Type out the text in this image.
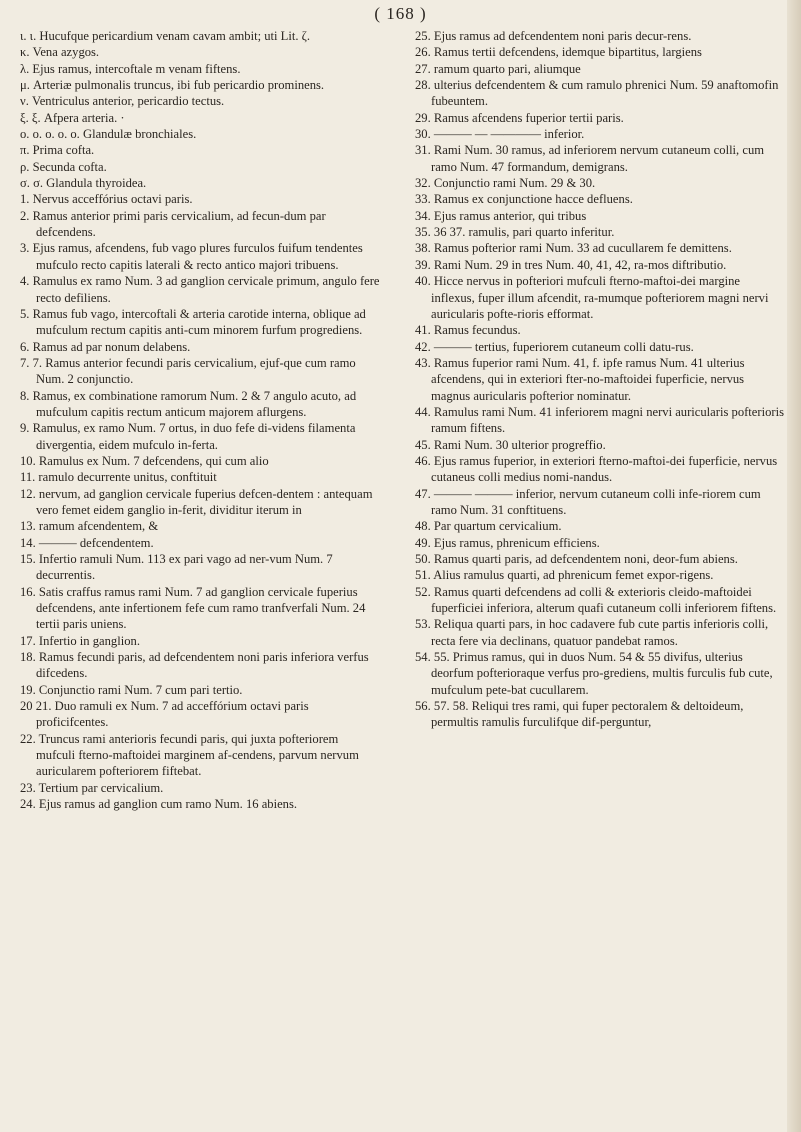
( 168 )

ι. ι. Hucufque pericardium venam cavam ambit; uti Lit. ζ.

κ. Vena azygos.

λ. Ejus ramus, intercoftale m venam fiftens.

μ. Arteriæ pulmonalis truncus, ibi fub pericardio prominens.

ν. Ventriculus anterior, pericardio tectus.

ξ. ξ. Afpera arteria. ·

ο. ο. ο. ο. ο. Glandulæ bronchiales.

π. Prima cofta.

ρ. Secunda cofta.

σ. σ. Glandula thyroidea.

1. Nervus acceffórius octavi paris.

2. Ramus anterior primi paris cervicalium, ad fecun-dum par defcendens.

3. Ejus ramus, afcendens, fub vago plures furculos fuifum tendentes mufculo recto capitis laterali & recto antico majori tribuens.

4. Ramulus ex ramo Num. 3 ad ganglion cervicale primum, angulo fere recto defiliens.

5. Ramus fub vago, intercoftali & arteria carotide interna, oblique ad mufculum rectum capitis anti-cum minorem furfum progrediens.

6. Ramus ad par nonum delabens.

7. 7. Ramus anterior fecundi paris cervicalium, ejuf-que cum ramo Num. 2 conjunctio.

8. Ramus, ex combinatione ramorum Num. 2 & 7 angulo acuto, ad mufculum capitis rectum anticum majorem aflurgens.

9. Ramulus, ex ramo Num. 7 ortus, in duo fefe di-videns filamenta divergentia, eidem mufculo in-ferta.

10. Ramulus ex Num. 7 defcendens, qui cum alio

11. ramulo decurrente unitus, conftituit

12. nervum, ad ganglion cervicale fuperius defcen-dentem : antequam vero femet eidem ganglio in-ferit, dividitur iterum in

13. ramum afcendentem, &

14. ——— defcendentem.

15. Infertio ramuli Num. 113 ex pari vago ad ner-vum Num. 7 decurrentis.

16. Satis craffus ramus rami Num. 7 ad ganglion cervicale fuperius defcendens, ante infertionem fefe cum ramo tranfverfali Num. 24 tertii paris uniens.

17. Infertio in ganglion.

18. Ramus fecundi paris, ad defcendentem noni paris inferiora verfus difcedens.

19. Conjunctio rami Num. 7 cum pari tertio.

20 21. Duo ramuli ex Num. 7 ad acceffórium octavi paris proficifcentes.

22. Truncus rami anterioris fecundi paris, qui juxta pofteriorem mufculi fterno-maftoidei marginem af-cendens, parvum nervum auricularem pofteriorem fiftebat.

23. Tertium par cervicalium.

24. Ejus ramus ad ganglion cum ramo Num. 16 abiens.

25. Ejus ramus ad defcendentem noni paris decur-rens.

26. Ramus tertii defcendens, idemque bipartitus, largiens

27. ramum quarto pari, aliumque

28. ulterius defcendentem & cum ramulo phrenici Num. 59 anaftomofin fubeuntem.

29. Ramus afcendens fuperior tertii paris.

30. ——— — ———— inferior.

31. Rami Num. 30 ramus, ad inferiorem nervum cutaneum colli, cum ramo Num. 47 formandum, demigrans.

32. Conjunctio rami Num. 29 & 30.

33. Ramus ex conjunctione hacce defluens.

34. Ejus ramus anterior, qui tribus

35. 36 37. ramulis, pari quarto inferitur.

38. Ramus pofterior rami Num. 33 ad cucullarem fe demittens.

39. Rami Num. 29 in tres Num. 40, 41, 42, ra-mos diftributio.

40. Hicce nervus in pofteriori mufculi fterno-maftoi-dei margine inflexus, fuper illum afcendit, ra-mumque pofteriorem magni nervi auricularis pofte-rioris efformat.

41. Ramus fecundus.

42. ——— tertius, fuperiorem cutaneum colli datu-rus.

43. Ramus fuperior rami Num. 41, f. ipfe ramus Num. 41 ulterius afcendens, qui in exteriori fter-no-maftoidei fuperficie, nervus magnus auricularis pofterior nominatur.

44. Ramulus rami Num. 41 inferiorem magni nervi auricularis pofterioris ramum fiftens.

45. Rami Num. 30 ulterior progreffio.

46. Ejus ramus fuperior, in exteriori fterno-maftoi-dei fuperficie, nervus cutaneus colli medius nomi-nandus.

47. ——— ——— inferior, nervum cutaneum colli infe-riorem cum ramo Num. 31 conftituens.

48. Par quartum cervicalium.

49. Ejus ramus, phrenicum efficiens.

50. Ramus quarti paris, ad defcendentem noni, deor-fum abiens.

51. Alius ramulus quarti, ad phrenicum femet expor-rigens.

52. Ramus quarti defcendens ad colli & exterioris cleido-maftoidei fuperficiei inferiora, alterum quafi cutaneum colli inferiorem fiftens.

53. Reliqua quarti pars, in hoc cadavere fub cute partis inferioris colli, recta fere via declinans, quatuor pandebat ramos.

54. 55. Primus ramus, qui in duos Num. 54 & 55 divifus, ulterius deorfum pofterioraque verfus pro-grediens, multis furculis fub cute, mufculum pete-bat cucullarem.

56. 57. 58. Reliqui tres rami, qui fuper pectoralem & deltoideum, permultis ramulis furculifque dif-perguntur,
